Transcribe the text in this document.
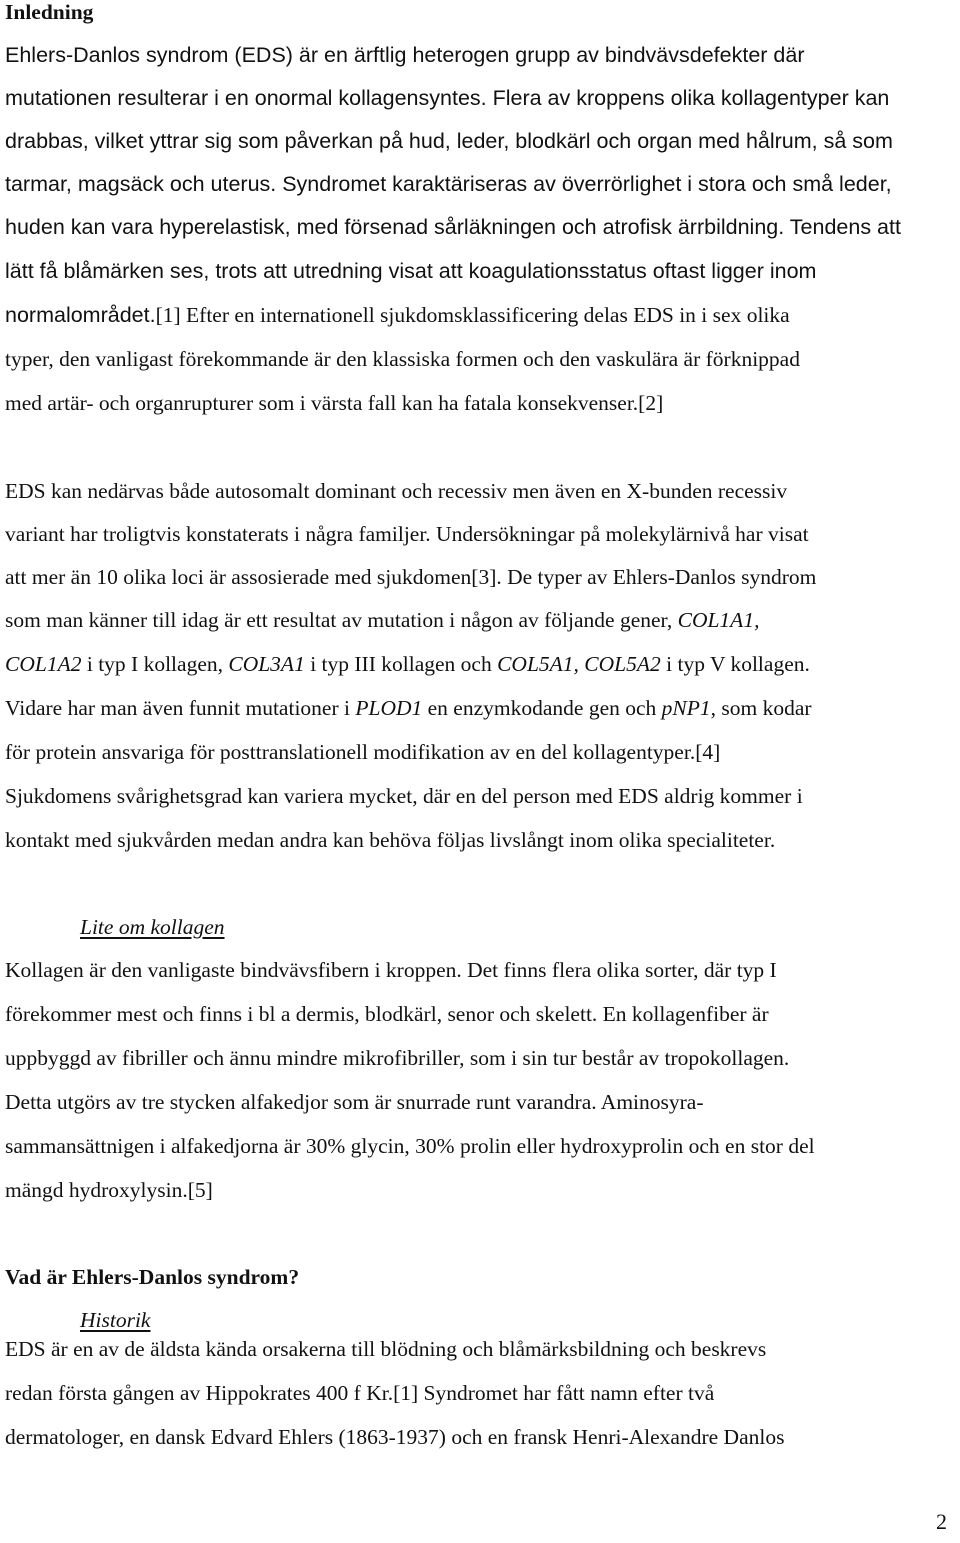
Inledning
Ehlers-Danlos syndrom (EDS) är en ärftlig heterogen grupp av bindvävsdefekter där
mutationen resulterar i en onormal kollagensyntes. Flera av kroppens olika kollagentyper kan
drabbas, vilket yttrar sig som påverkan på hud, leder, blodkärl och organ med hålrum, så som
tarmar, magsäck och uterus. Syndromet karaktäriseras av överrörlighet i stora och små leder,
huden kan vara hyperelastisk, med försenad sårläkningen och atrofisk ärrbildning. Tendens att
lätt få blåmärken ses, trots att utredning visat att koagulationsstatus oftast ligger inom
normalområdet.[1] Efter en internationell sjukdomsklassificering delas EDS in i sex olika
typer, den vanligast förekommande är den klassiska formen och den vaskulära är förknippad
med artär- och organrupturer som i värsta fall kan ha fatala konsekvenser.[2]
EDS kan nedärvas både autosomalt dominant och recessiv men även en X-bunden recessiv
variant har troligtvis konstaterats i några familjer. Undersökningar på molekylärnivå har visat
att mer än 10 olika loci är assosierade med sjukdomen[3]. De typer av Ehlers-Danlos syndrom
som man känner till idag är ett resultat av mutation i någon av följande gener, COL1A1,
COL1A2 i typ I kollagen, COL3A1 i typ III kollagen och COL5A1, COL5A2 i typ V kollagen.
Vidare har man även funnit mutationer i PLOD1 en enzymkodande gen och pNP1, som kodar
för protein ansvariga för posttranslationell modifikation av en del kollagentyper.[4]
Sjukdomens svårighetsgrad kan variera mycket, där en del person med EDS aldrig kommer i
kontakt med sjukvården medan andra kan behöva följas livslångt inom olika specialiteter.
Lite om kollagen
Kollagen är den vanligaste bindvävsfibern i kroppen. Det finns flera olika sorter, där typ I
förekommer mest och finns i bl a dermis, blodkärl, senor och skelett. En kollagenfiber är
uppbyggd av fibriller och ännu mindre mikrofibriller, som i sin tur består av tropokollagen.
Detta utgörs av tre stycken alfakedjor som är snurrade runt varandra. Aminosyra-
sammansättnigen i alfakedjorna är 30% glycin, 30% prolin eller hydroxyprolin och en stor del
mängd hydroxylysin.[5]
Vad är Ehlers-Danlos syndrom?
Historik
EDS är en av de äldsta kända orsakerna till blödning och blåmärksbildning och beskrevs
redan första gången av Hippokrates 400 f Kr.[1] Syndromet har fått namn efter två
dermatologer, en dansk Edvard Ehlers (1863-1937) och en fransk Henri-Alexandre Danlos
2
